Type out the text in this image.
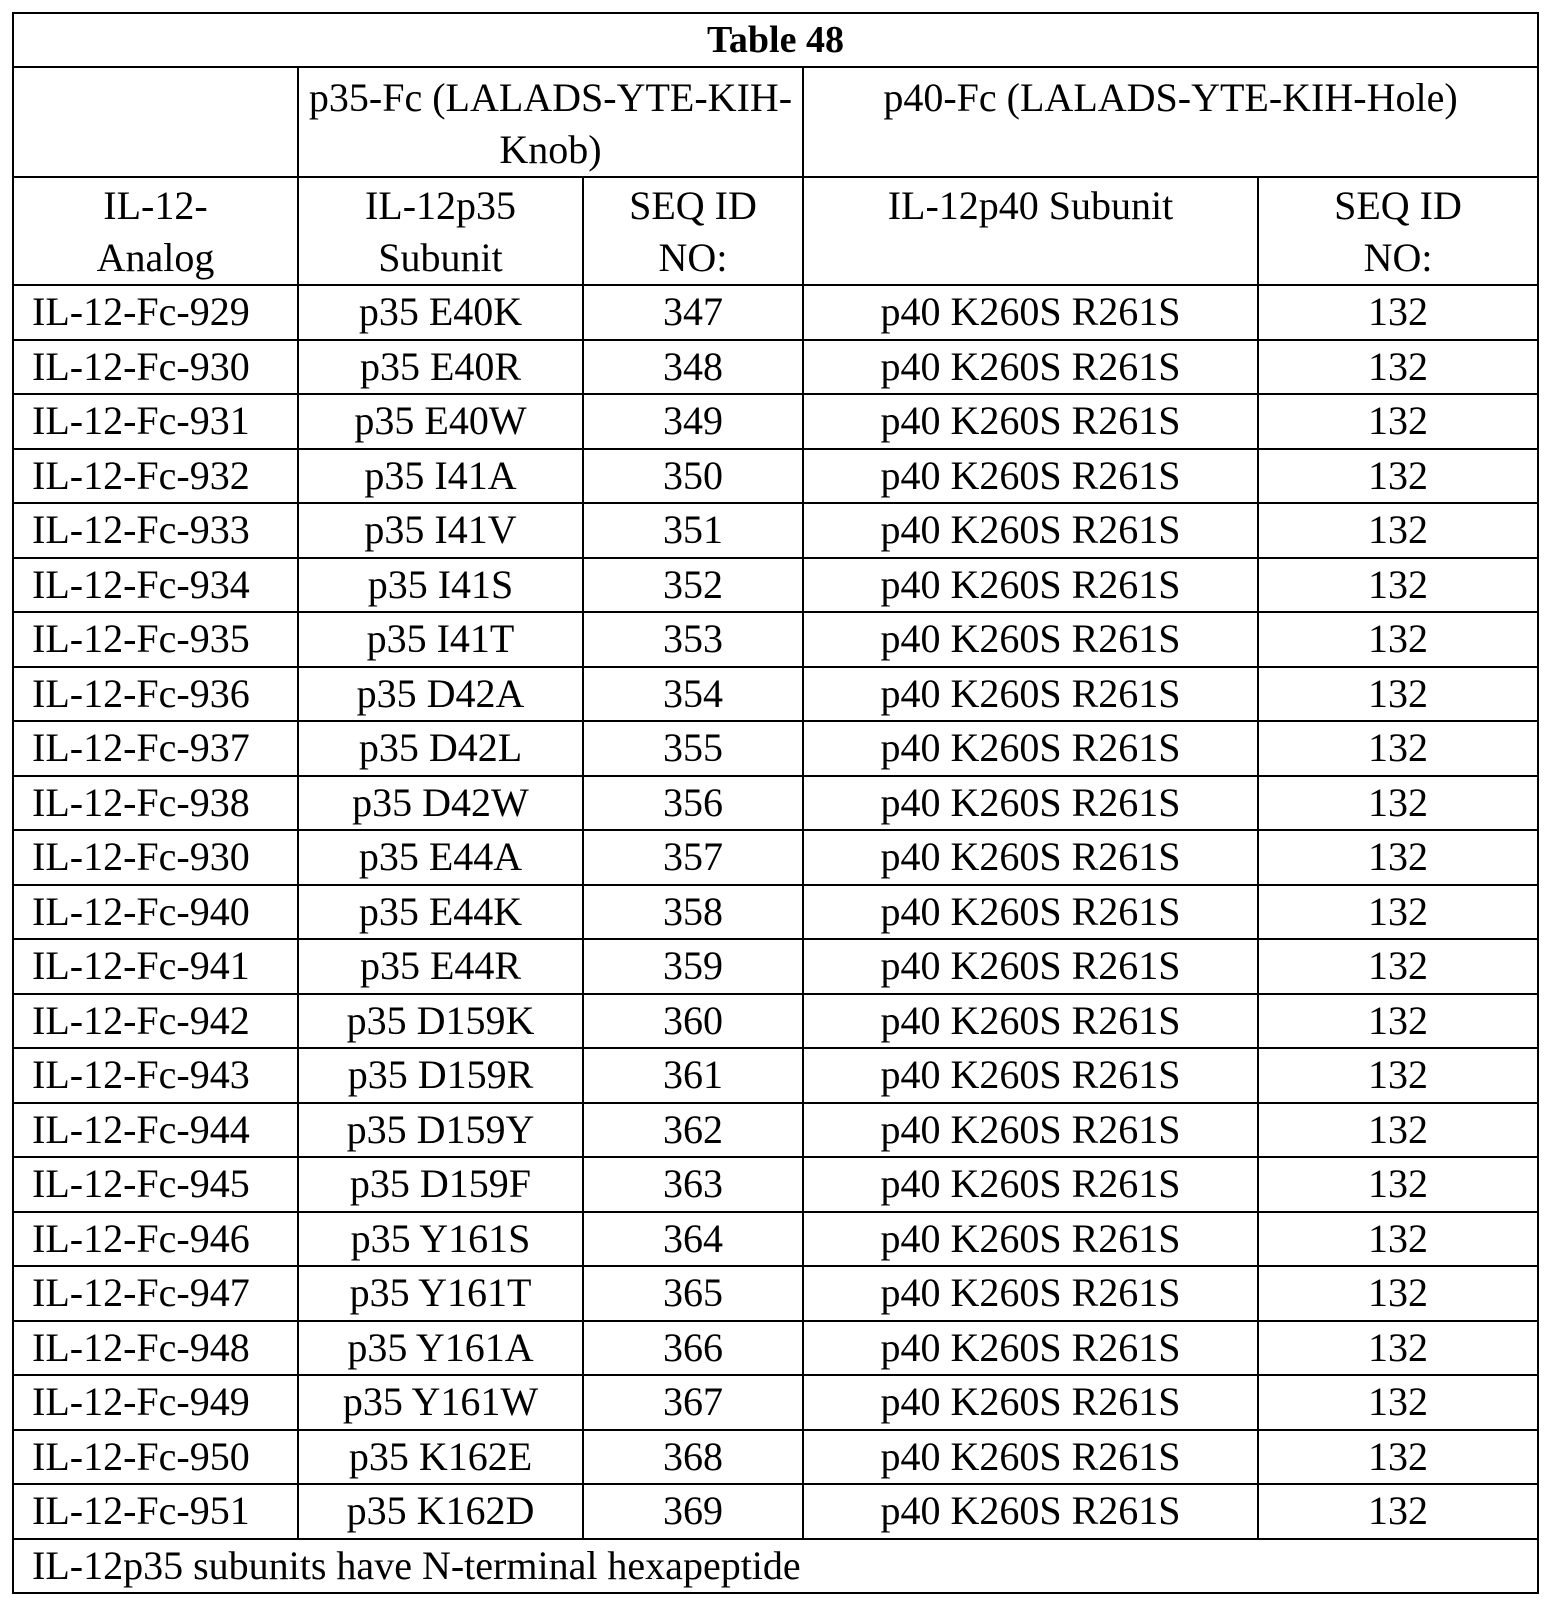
Table 48				
	p35-Fc (LALADS-YTE-KIH-Knob)		p40-Fc (LALADS-YTE-KIH-Hole)	
IL-12-Analog	IL-12p35 Subunit	SEQ ID NO:	IL-12p40 Subunit	SEQ ID NO:
IL-12-Fc-929	p35 E40K	347	p40 K260S R261S	132
IL-12-Fc-930	p35 E40R	348	p40 K260S R261S	132
IL-12-Fc-931	p35 E40W	349	p40 K260S R261S	132
IL-12-Fc-932	p35 I41A	350	p40 K260S R261S	132
IL-12-Fc-933	p35 I41V	351	p40 K260S R261S	132
IL-12-Fc-934	p35 I41S	352	p40 K260S R261S	132
IL-12-Fc-935	p35 I41T	353	p40 K260S R261S	132
IL-12-Fc-936	p35 D42A	354	p40 K260S R261S	132
IL-12-Fc-937	p35 D42L	355	p40 K260S R261S	132
IL-12-Fc-938	p35 D42W	356	p40 K260S R261S	132
IL-12-Fc-930	p35 E44A	357	p40 K260S R261S	132
IL-12-Fc-940	p35 E44K	358	p40 K260S R261S	132
IL-12-Fc-941	p35 E44R	359	p40 K260S R261S	132
IL-12-Fc-942	p35 D159K	360	p40 K260S R261S	132
IL-12-Fc-943	p35 D159R	361	p40 K260S R261S	132
IL-12-Fc-944	p35 D159Y	362	p40 K260S R261S	132
IL-12-Fc-945	p35 D159F	363	p40 K260S R261S	132
IL-12-Fc-946	p35 Y161S	364	p40 K260S R261S	132
IL-12-Fc-947	p35 Y161T	365	p40 K260S R261S	132
IL-12-Fc-948	p35 Y161A	366	p40 K260S R261S	132
IL-12-Fc-949	p35 Y161W	367	p40 K260S R261S	132
IL-12-Fc-950	p35 K162E	368	p40 K260S R261S	132
IL-12-Fc-951	p35 K162D	369	p40 K260S R261S	132
IL-12p35 subunits have N-terminal hexapeptide				
